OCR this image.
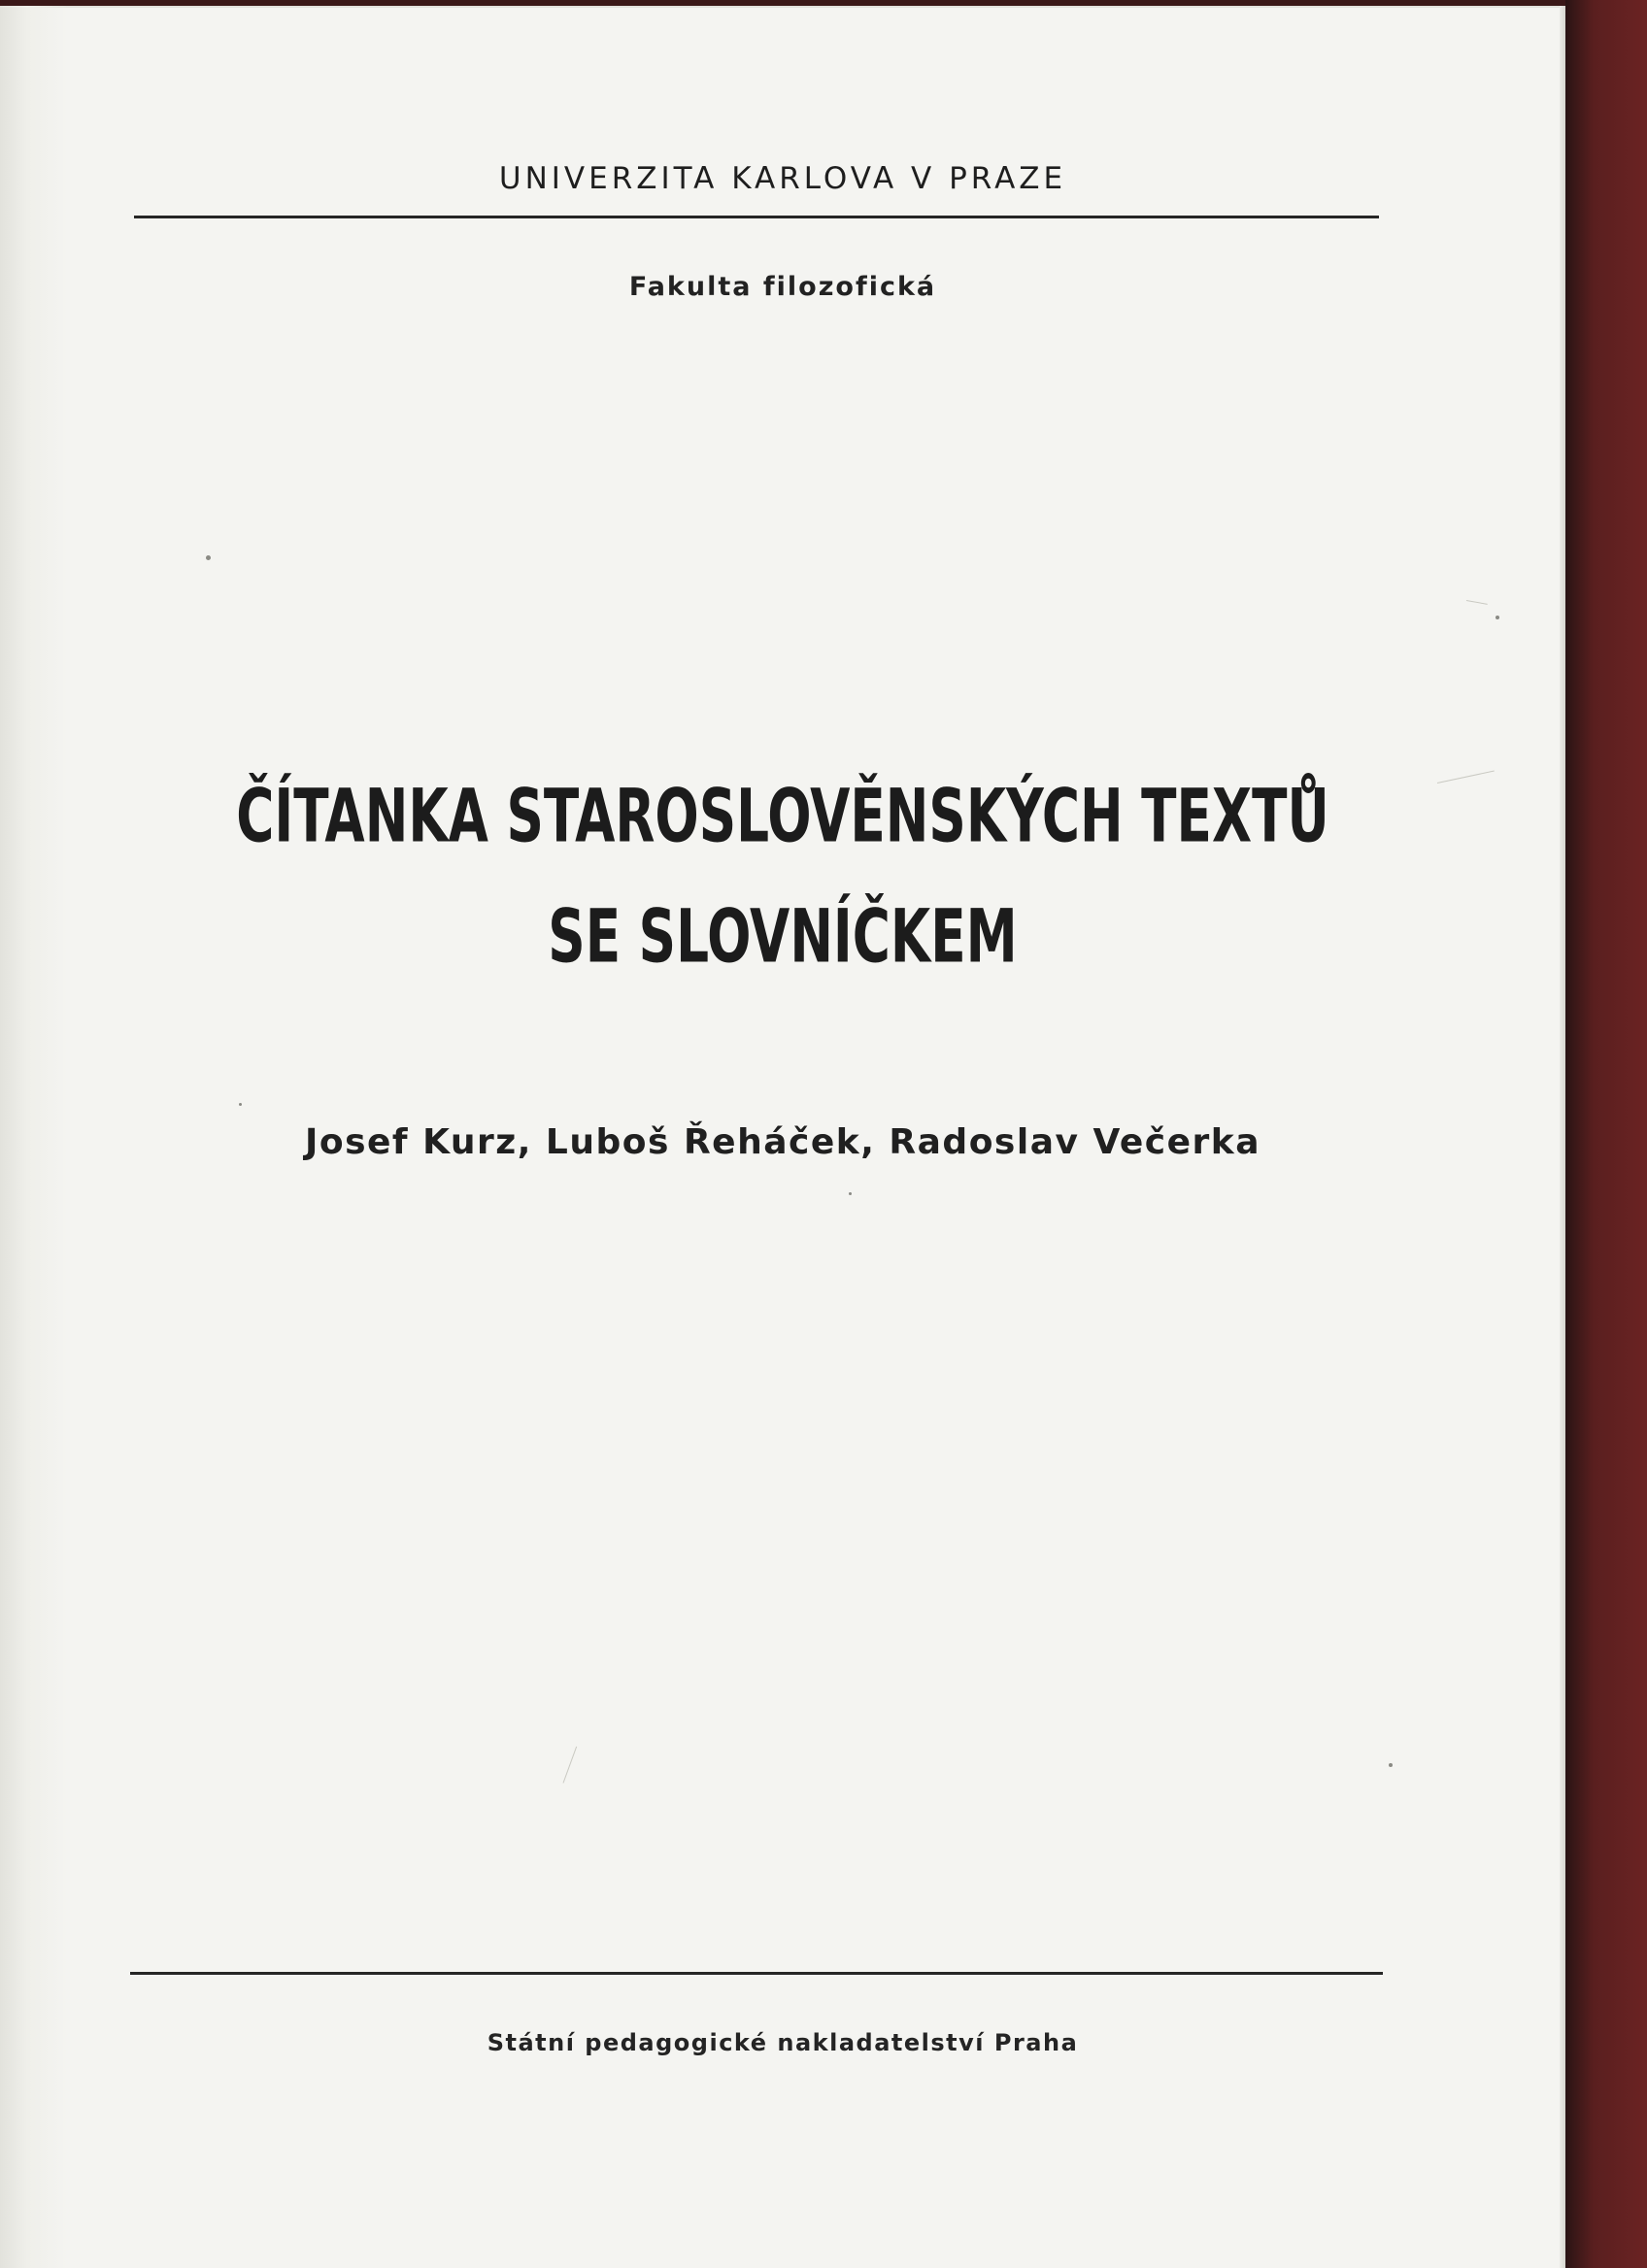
UNIVERZITA KARLOVA V PRAZE
Fakulta filozofická
ČÍTANKA STAROSLOVĚNSKÝCH TEXTŮ
SE SLOVNÍČKEM
Josef Kurz, Luboš Řeháček, Radoslav Večerka
Státní pedagogické nakladatelství Praha
